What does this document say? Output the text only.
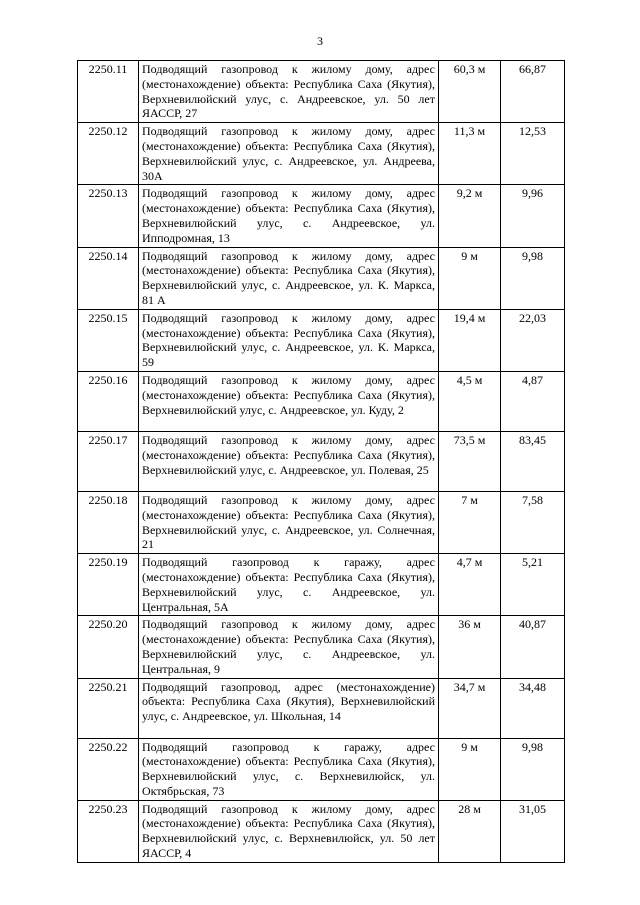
3
2250.11	Подводящий газопровод к жилому дому, адрес (местонахождение) объекта: Республика Саха (Якутия), Верхневилюйский улус, с. Андреевское, ул. 50 лет ЯАССР, 27	60,3 м	66,87
2250.12	Подводящий газопровод к жилому дому, адрес (местонахождение) объекта: Республика Саха (Якутия), Верхневилюйский улус, с. Андреевское, ул. Андреева, 30А	11,3 м	12,53
2250.13	Подводящий газопровод к жилому дому, адрес (местонахождение) объекта: Республика Саха (Якутия), Верхневилюйский улус, с. Андреевское, ул. Ипподромная, 13	9,2 м	9,96
2250.14	Подводящий газопровод к жилому дому, адрес (местонахождение) объекта: Республика Саха (Якутия), Верхневилюйский улус, с. Андреевское, ул. К. Маркса, 81 А	9 м	9,98
2250.15	Подводящий газопровод к жилому дому, адрес (местонахождение) объекта: Республика Саха (Якутия), Верхневилюйский улус, с. Андреевское, ул. К. Маркса, 59	19,4 м	22,03
2250.16	Подводящий газопровод к жилому дому, адрес (местонахождение) объекта: Республика Саха (Якутия), Верхневилюйский улус, с. Андреевское, ул. Куду, 2	4,5 м	4,87
2250.17	Подводящий газопровод к жилому дому, адрес (местонахождение) объекта: Республика Саха (Якутия), Верхневилюйский улус, с. Андреевское, ул. Полевая, 25	73,5 м	83,45
2250.18	Подводящий газопровод к жилому дому, адрес (местонахождение) объекта: Республика Саха (Якутия), Верхневилюйский улус, с. Андреевское, ул. Солнечная, 21	7 м	7,58
2250.19	Подводящий газопровод к гаражу, адрес (местонахождение) объекта: Республика Саха (Якутия), Верхневилюйский улус, с. Андреевское, ул. Центральная, 5А	4,7 м	5,21
2250.20	Подводящий газопровод к жилому дому, адрес (местонахождение) объекта: Республика Саха (Якутия), Верхневилюйский улус, с. Андреевское, ул. Центральная, 9	36 м	40,87
2250.21	Подводящий газопровод, адрес (местонахождение) объекта: Республика Саха (Якутия), Верхневилюйский улус, с. Андреевское, ул. Школьная, 14	34,7 м	34,48
2250.22	Подводящий газопровод к гаражу, адрес (местонахождение) объекта: Республика Саха (Якутия), Верхневилюйский улус, с. Верхневилюйск, ул. Октябрьская, 73	9 м	9,98
2250.23	Подводящий газопровод к жилому дому, адрес (местонахождение) объекта: Республика Саха (Якутия), Верхневилюйский улус, с. Верхневилюйск, ул. 50 лет ЯАССР, 4	28 м	31,05
